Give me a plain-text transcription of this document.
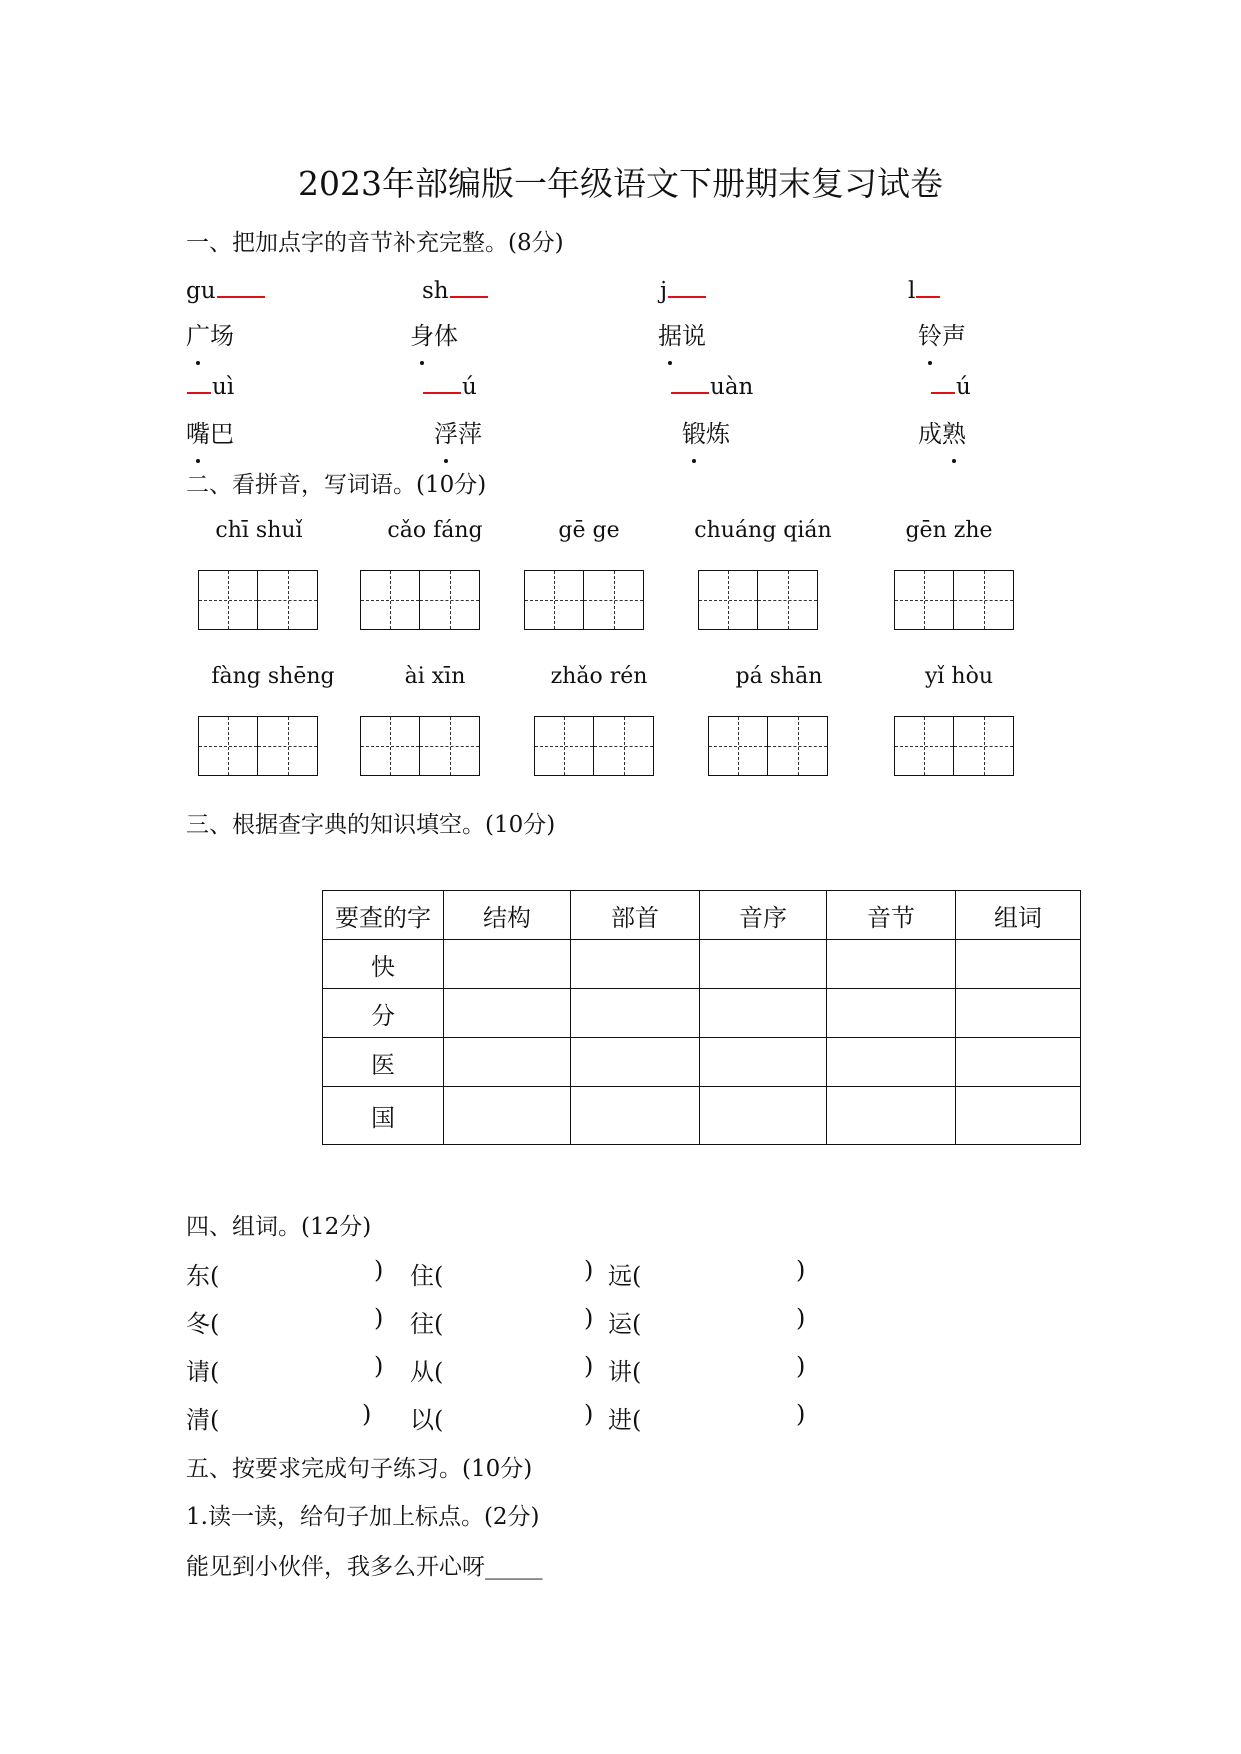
2023年部编版一年级语文下册期末复习试卷
一、把加点字的音节补充完整。(8分)
gu	sh	j	l
广场	身体	据说	铃声
uì	ú	uàn	ú
嘴巴	浮萍	锻炼	成熟
二、看拼音，写词语。(10分)
chī shuǐ	cǎo fáng	gē ge	chuáng qián	gēn zhe
fàng shēng	ài xīn	zhǎo rén	pá shān	yǐ hòu
三、根据查字典的知识填空。(10分)
要查的字	结构	部首	音序	音节	组词
快					
分					
医					
国					
四、组词。(12分)
东(	) 住(	) 远(	)
冬(	) 往(	) 运(	)
请(	) 从(	) 讲(	)
清(	) 以(	) 进(	)
五、按要求完成句子练习。(10分)
1.读一读，给句子加上标点。(2分)
能见到小伙伴，我多么开心呀_____
